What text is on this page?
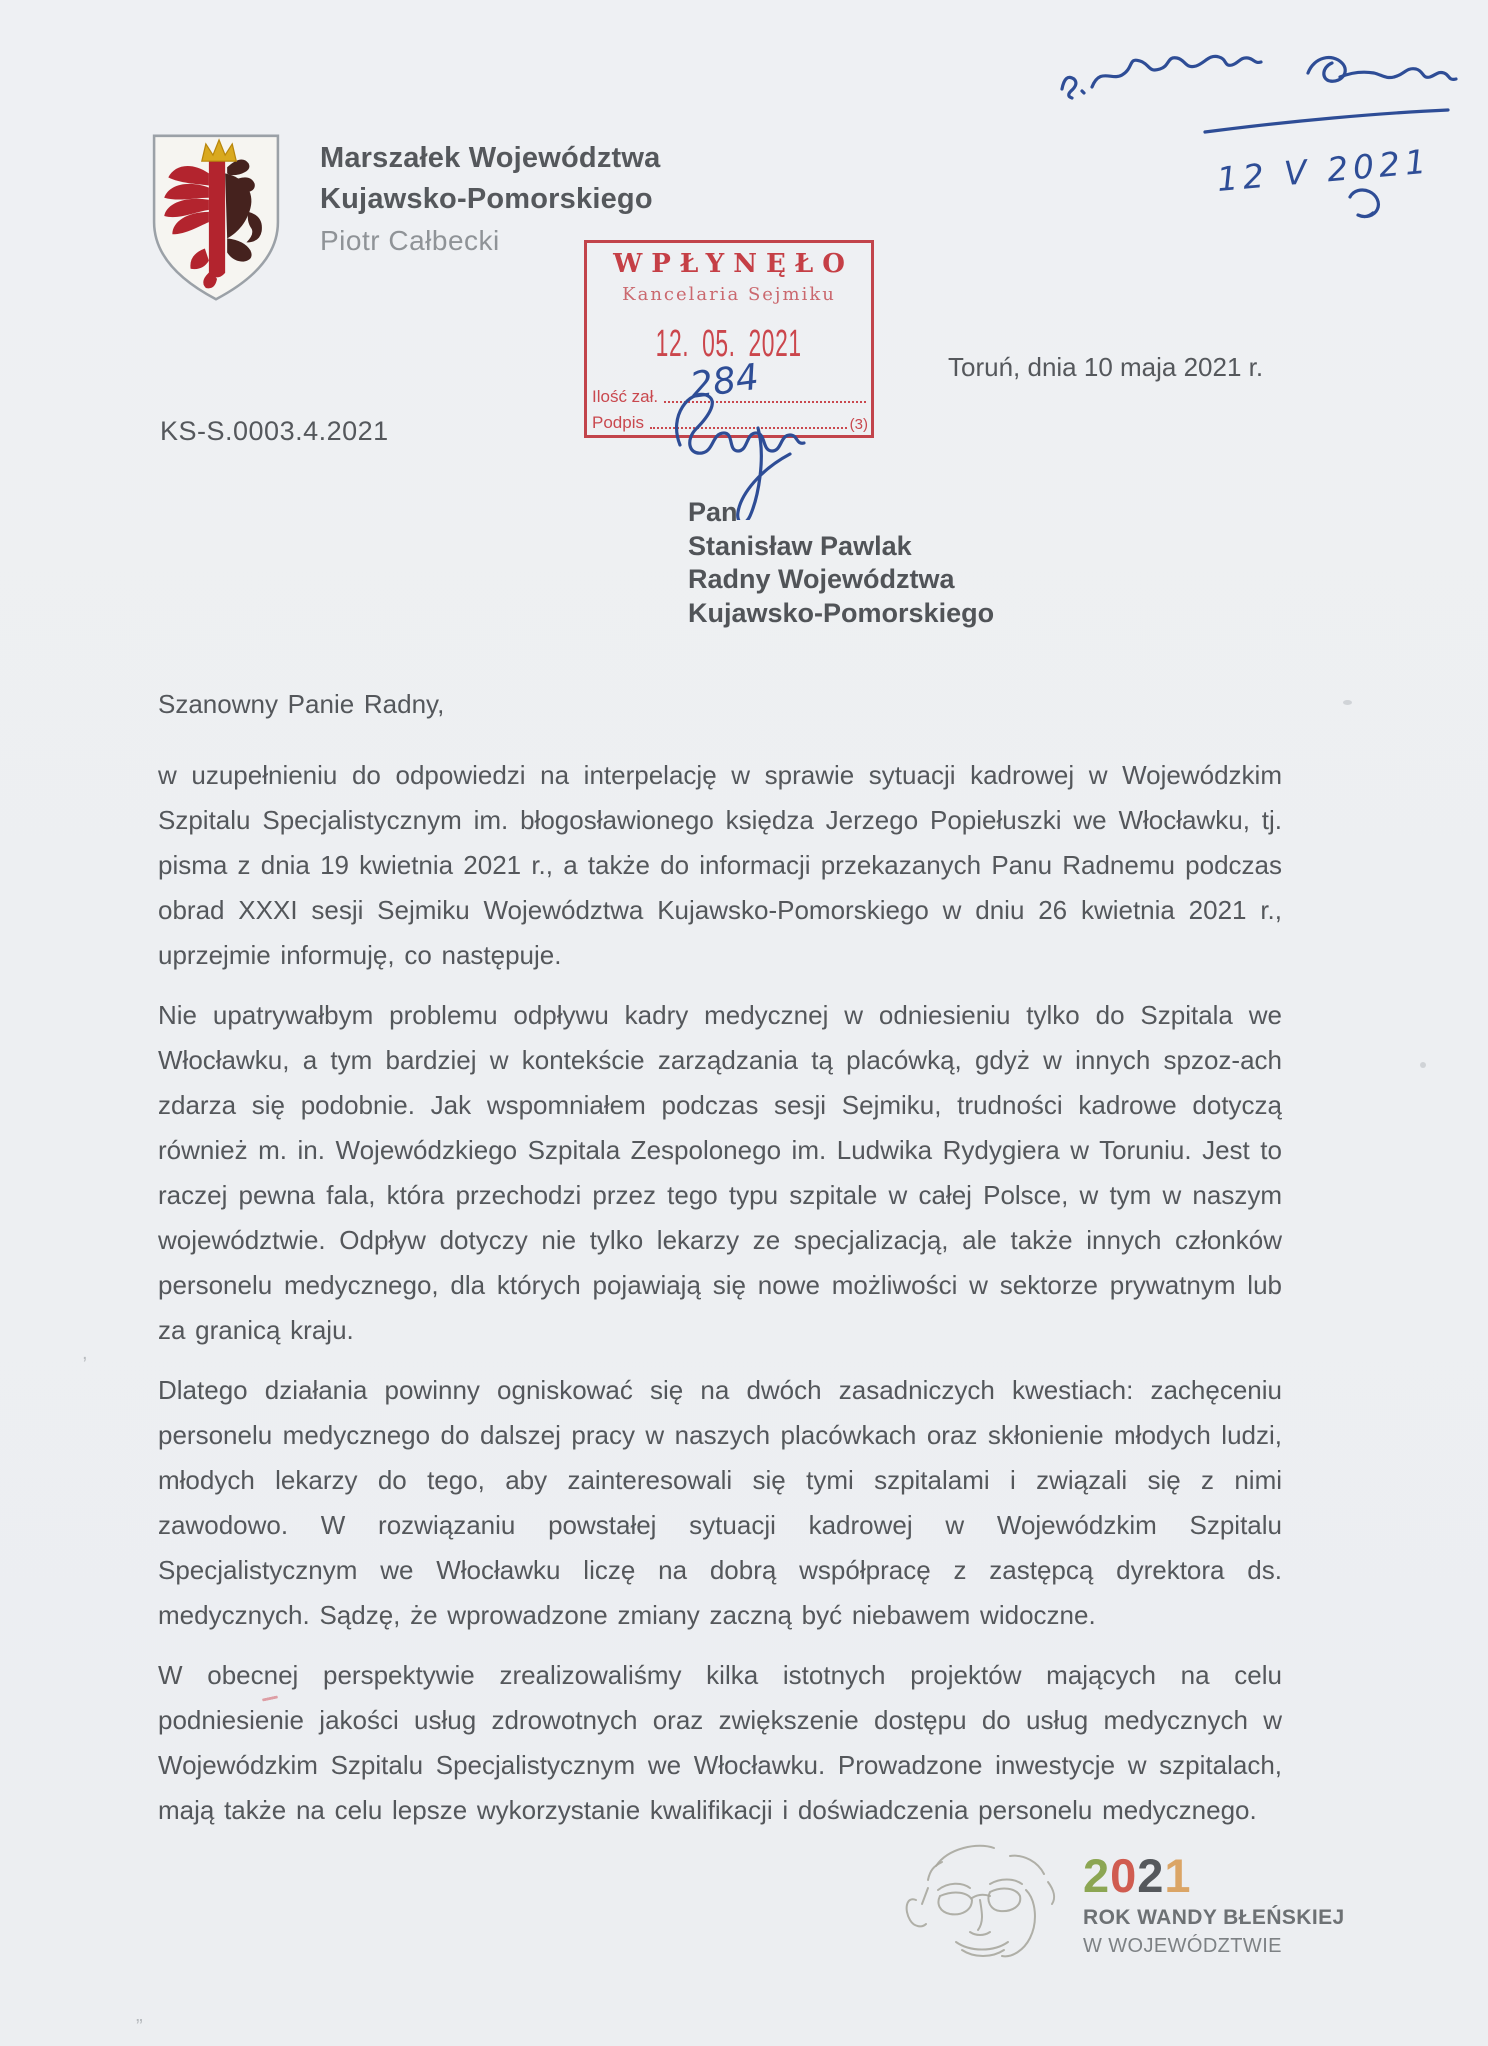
Marszałek Województwa
Kujawsko-Pomorskiego
Piotr Całbecki
12 V 2021
WPŁYNĘŁO
Kancelaria Sejmiku
12. 05. 2021
Ilość zał.
Podpis	(3)
284	Toruń, dnia 10 maja 2021 r.
KS-S.0003.4.2021
Pan
Stanisław Pawlak
Radny Województwa
Kujawsko-Pomorskiego
Szanowny Panie Radny,

w uzupełnieniu do odpowiedzi na interpelację w sprawie sytuacji kadrowej w Wojewódzkim Szpitalu Specjalistycznym im. błogosławionego księdza Jerzego Popiełuszki we Włocławku, tj. pisma z dnia 19 kwietnia 2021 r., a także do informacji przekazanych Panu Radnemu podczas obrad XXXI sesji Sejmiku Województwa Kujawsko-Pomorskiego w dniu 26 kwietnia 2021 r., uprzejmie informuję, co następuje.

Nie upatrywałbym problemu odpływu kadry medycznej w odniesieniu tylko do Szpitala we Włocławku, a tym bardziej w kontekście zarządzania tą placówką, gdyż w innych spzoz-ach zdarza się podobnie. Jak wspomniałem podczas sesji Sejmiku, trudności kadrowe dotyczą również m. in. Wojewódzkiego Szpitala Zespolonego im. Ludwika Rydygiera w Toruniu. Jest to raczej pewna fala, która przechodzi przez tego typu szpitale w całej Polsce, w tym w naszym województwie. Odpływ dotyczy nie tylko lekarzy ze specjalizacją, ale także innych członków personelu medycznego, dla których pojawiają się nowe możliwości w sektorze prywatnym lub za granicą kraju.

Dlatego działania powinny ogniskować się na dwóch zasadniczych kwestiach: zachęceniu personelu medycznego do dalszej pracy w naszych placówkach oraz skłonienie młodych ludzi, młodych lekarzy do tego, aby zainteresowali się tymi szpitalami i związali się z nimi zawodowo. W rozwiązaniu powstałej sytuacji kadrowej w Wojewódzkim Szpitalu Specjalistycznym we Włocławku liczę na dobrą współpracę z zastępcą dyrektora ds. medycznych. Sądzę, że wprowadzone zmiany zaczną być niebawem widoczne.

W obecnej perspektywie zrealizowaliśmy kilka istotnych projektów mających na celu podniesienie jakości usług zdrowotnych oraz zwiększenie dostępu do usług medycznych w Wojewódzkim Szpitalu Specjalistycznym we Włocławku. Prowadzone inwestycje w szpitalach, mają także na celu lepsze wykorzystanie kwalifikacji i doświadczenia personelu medycznego.

2021
ROK WANDY BŁEŃSKIEJ
W WOJEWÓDZTWIE
,
„
